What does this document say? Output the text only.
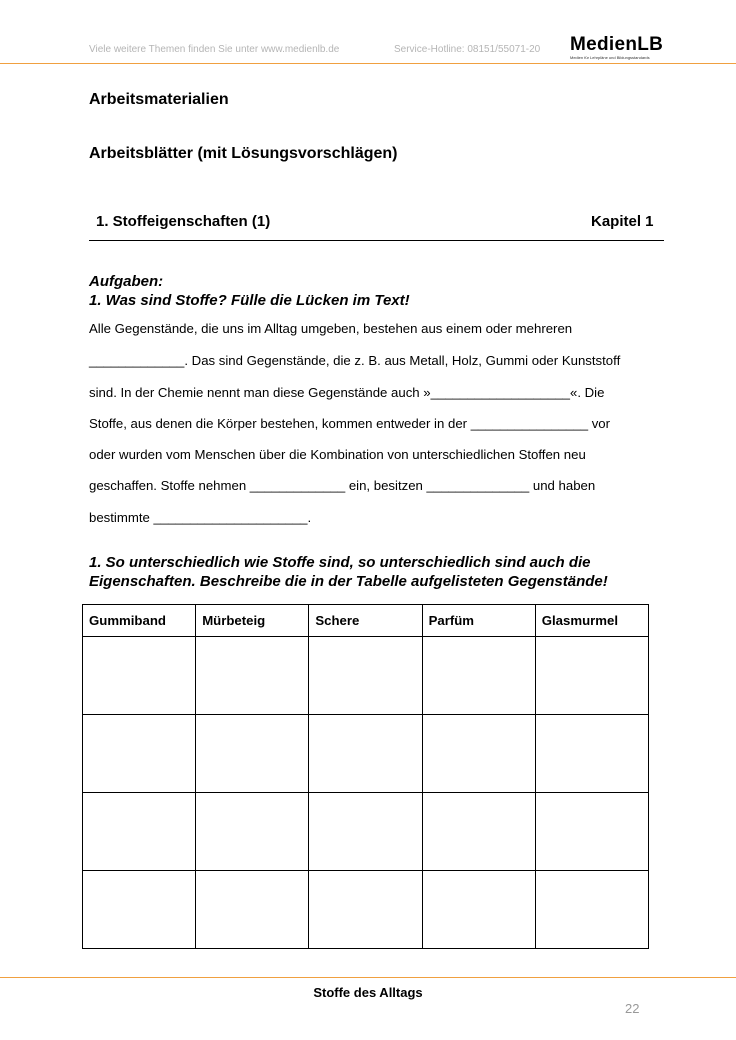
Viele weitere Themen finden Sie unter www.medienlb.de	Service-Hotline: 08151/55071-20 MedienLB
Medien für Lehrpläne und Bildungsstandards
Arbeitsmaterialien
Arbeitsblätter (mit Lösungsvorschlägen)
1. Stoffeigenschaften (1)	Kapitel 1
Aufgaben:
1. Was sind Stoffe? Fülle die Lücken im Text!
Alle Gegenstände, die uns im Alltag umgeben, bestehen aus einem oder mehreren
_____________. Das sind Gegenstände, die z. B. aus Metall, Holz, Gummi oder Kunststoff
sind. In der Chemie nennt man diese Gegenstände auch »___________________«. Die
Stoffe, aus denen die Körper bestehen, kommen entweder in der ________________ vor
oder wurden vom Menschen über die Kombination von unterschiedlichen Stoffen neu
geschaffen. Stoffe nehmen _____________ ein, besitzen ______________ und haben
bestimmte _____________________.
1. So unterschiedlich wie Stoffe sind, so unterschiedlich sind auch die
Eigenschaften. Beschreibe die in der Tabelle aufgelisteten Gegenstände!
Gummiband	Mürbeteig	Schere	Parfüm	Glasmurmel

Stoffe des Alltags
22
